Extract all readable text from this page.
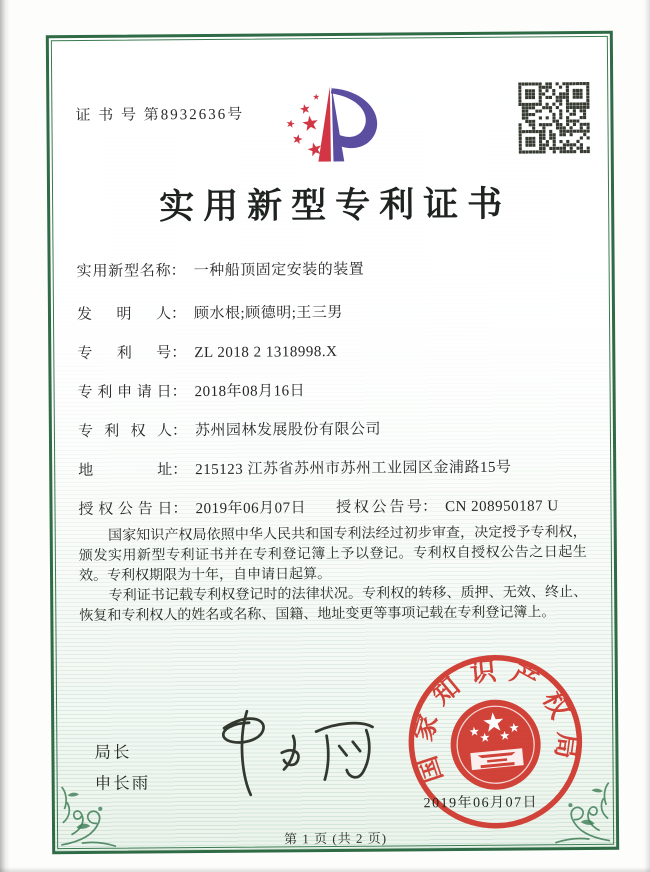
证 书 号 第8932636号
实用新型专利证书
实用新型名称： 一种船顶固定安装的装置
发明人： 顾水根;顾德明;王三男
专利号： ZL 2018 2 1318998.X
专利申请日： 2018年08月16日
专利权人： 苏州园林发展股份有限公司
地址： 215123 江苏省苏州市苏州工业园区金浦路15号
授权公告日： 2019年06月07日 授权公告号： CN 208950187 U

国家知识产权局依照中华人民共和国专利法经过初步审查，决定授予专利权，颁发实用新型专利证书并在专利登记簿上予以登记。专利权自授权公告之日起生效。专利权期限为十年，自申请日起算。

专利证书记载专利权登记时的法律状况。专利权的转移、质押、无效、终止、恢复和专利权人的姓名或名称、国籍、地址变更等事项记载在专利登记簿上。

局长
申长雨	国家知识产权局
2019年06月07日
第 1 页 (共 2 页)
